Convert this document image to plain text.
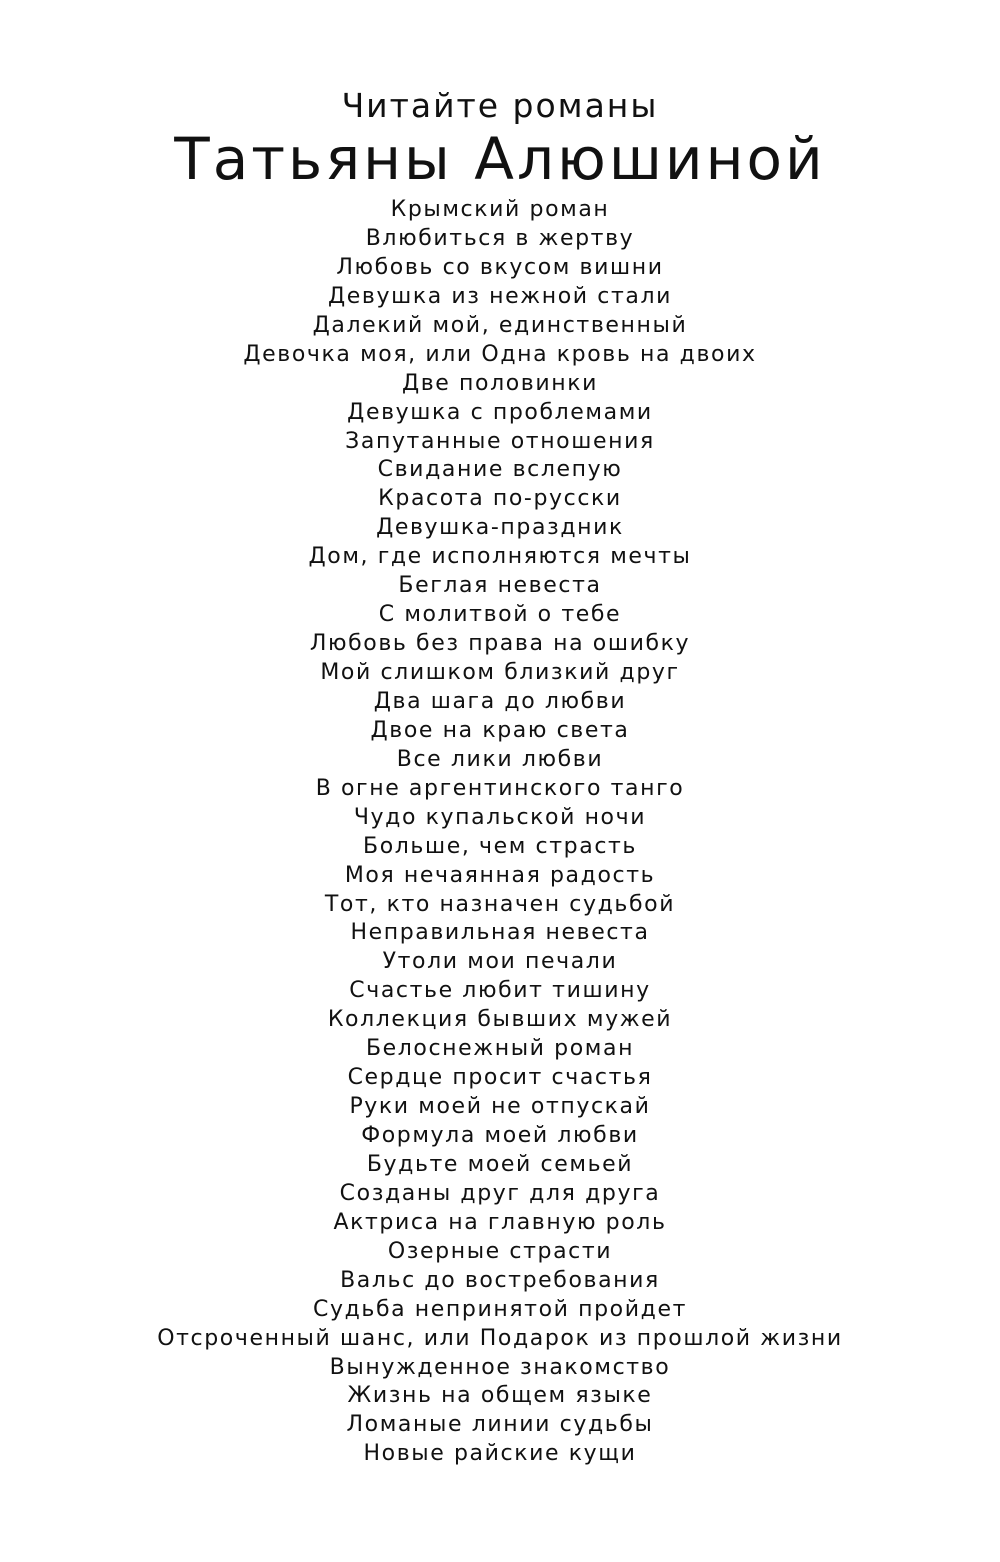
Читайте романы
Татьяны Алюшиной
Крымский роман
Влюбиться в жертву
Любовь со вкусом вишни
Девушка из нежной стали
Далекий мой, единственный
Девочка моя, или Одна кровь на двоих
Две половинки
Девушка с проблемами
Запутанные отношения
Свидание вслепую
Красота по-русски
Девушка-праздник
Дом, где исполняются мечты
Беглая невеста
С молитвой о тебе
Любовь без права на ошибку
Мой слишком близкий друг
Два шага до любви
Двое на краю света
Все лики любви
В огне аргентинского танго
Чудо купальской ночи
Больше, чем страсть
Моя нечаянная радость
Тот, кто назначен судьбой
Неправильная невеста
Утоли мои печали
Счастье любит тишину
Коллекция бывших мужей
Белоснежный роман
Сердце просит счастья
Руки моей не отпускай
Формула моей любви
Будьте моей семьей
Созданы друг для друга
Актриса на главную роль
Озерные страсти
Вальс до востребования
Судьба непринятой пройдет
Отсроченный шанс, или Подарок из прошлой жизни
Вынужденное знакомство
Жизнь на общем языке
Ломаные линии судьбы
Новые райские кущи
